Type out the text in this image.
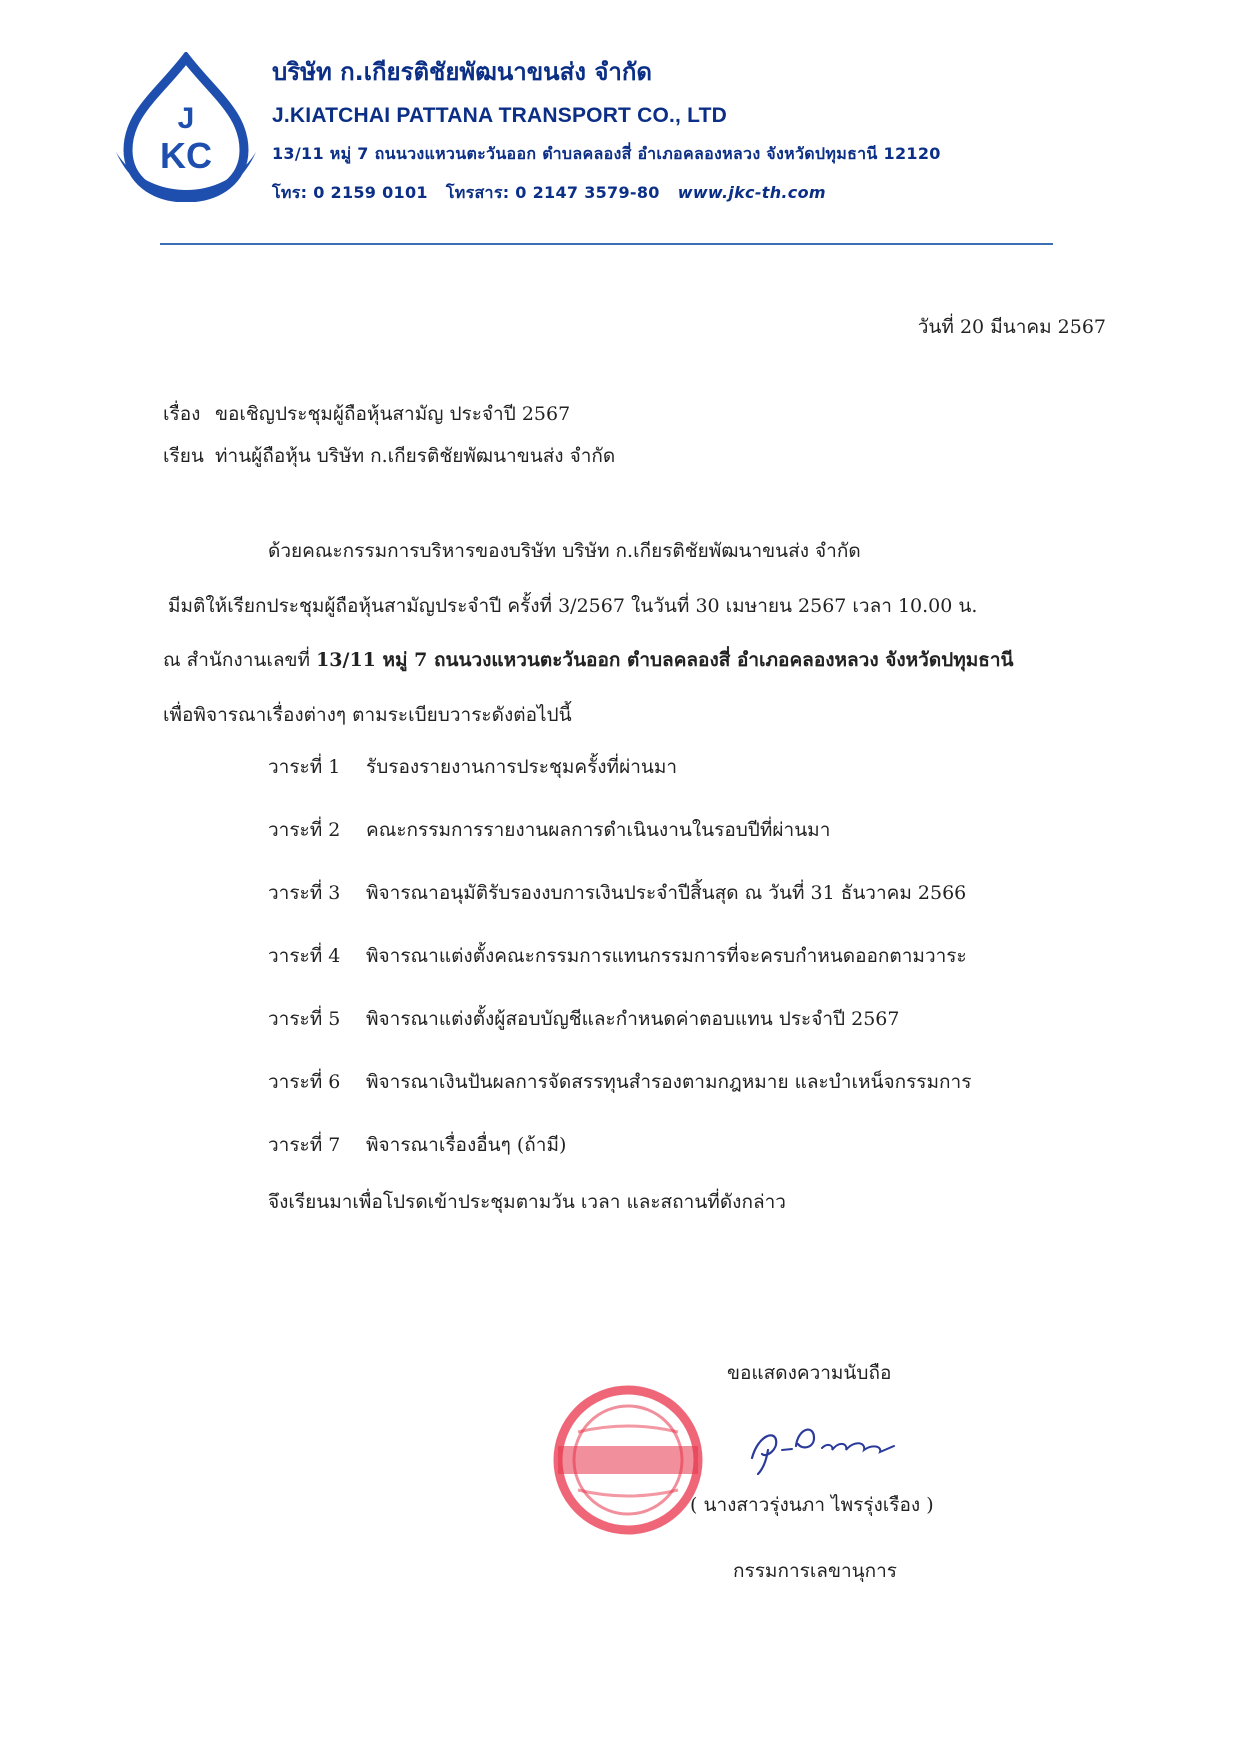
J
KC
บริษัท ก.เกียรติชัยพัฒนาขนส่ง จำกัด
J.KIATCHAI PATTANA TRANSPORT CO., LTD
13/11 หมู่ 7 ถนนวงแหวนตะวันออก ตำบลคลองสี่ อำเภอคลองหลวง จังหวัดปทุมธานี 12120
โทร: 0 2159 0101 โทรสาร: 0 2147 3579-80 www.jkc-th.com
วันที่ 20 มีนาคม 2567
เรื่อง ขอเชิญประชุมผู้ถือหุ้นสามัญ ประจำปี 2567
เรียน ท่านผู้ถือหุ้น บริษัท ก.เกียรติชัยพัฒนาขนส่ง จำกัด
ด้วยคณะกรรมการบริหารของบริษัท บริษัท ก.เกียรติชัยพัฒนาขนส่ง จำกัด
มีมติให้เรียกประชุมผู้ถือหุ้นสามัญประจำปี ครั้งที่ 3/2567 ในวันที่ 30 เมษายน 2567 เวลา 10.00 น.
ณ สำนักงานเลขที่ 13/11 หมู่ 7 ถนนวงแหวนตะวันออก ตำบลคลองสี่ อำเภอคลองหลวง จังหวัดปทุมธานี
เพื่อพิจารณาเรื่องต่างๆ ตามระเบียบวาระดังต่อไปนี้
วาระที่ 1 รับรองรายงานการประชุมครั้งที่ผ่านมา
วาระที่ 2 คณะกรรมการรายงานผลการดำเนินงานในรอบปีที่ผ่านมา
วาระที่ 3 พิจารณาอนุมัติรับรองงบการเงินประจำปีสิ้นสุด ณ วันที่ 31 ธันวาคม 2566
วาระที่ 4 พิจารณาแต่งตั้งคณะกรรมการแทนกรรมการที่จะครบกำหนดออกตามวาระ
วาระที่ 5 พิจารณาแต่งตั้งผู้สอบบัญชีและกำหนดค่าตอบแทน ประจำปี 2567
วาระที่ 6 พิจารณาเงินปันผลการจัดสรรทุนสำรองตามกฎหมาย และบำเหน็จกรรมการ
วาระที่ 7 พิจารณาเรื่องอื่นๆ (ถ้ามี)
จึงเรียนมาเพื่อโปรดเข้าประชุมตามวัน เวลา และสถานที่ดังกล่าว
ขอแสดงความนับถือ
( นางสาวรุ่งนภา ไพรรุ่งเรือง )
กรรมการเลขานุการ
